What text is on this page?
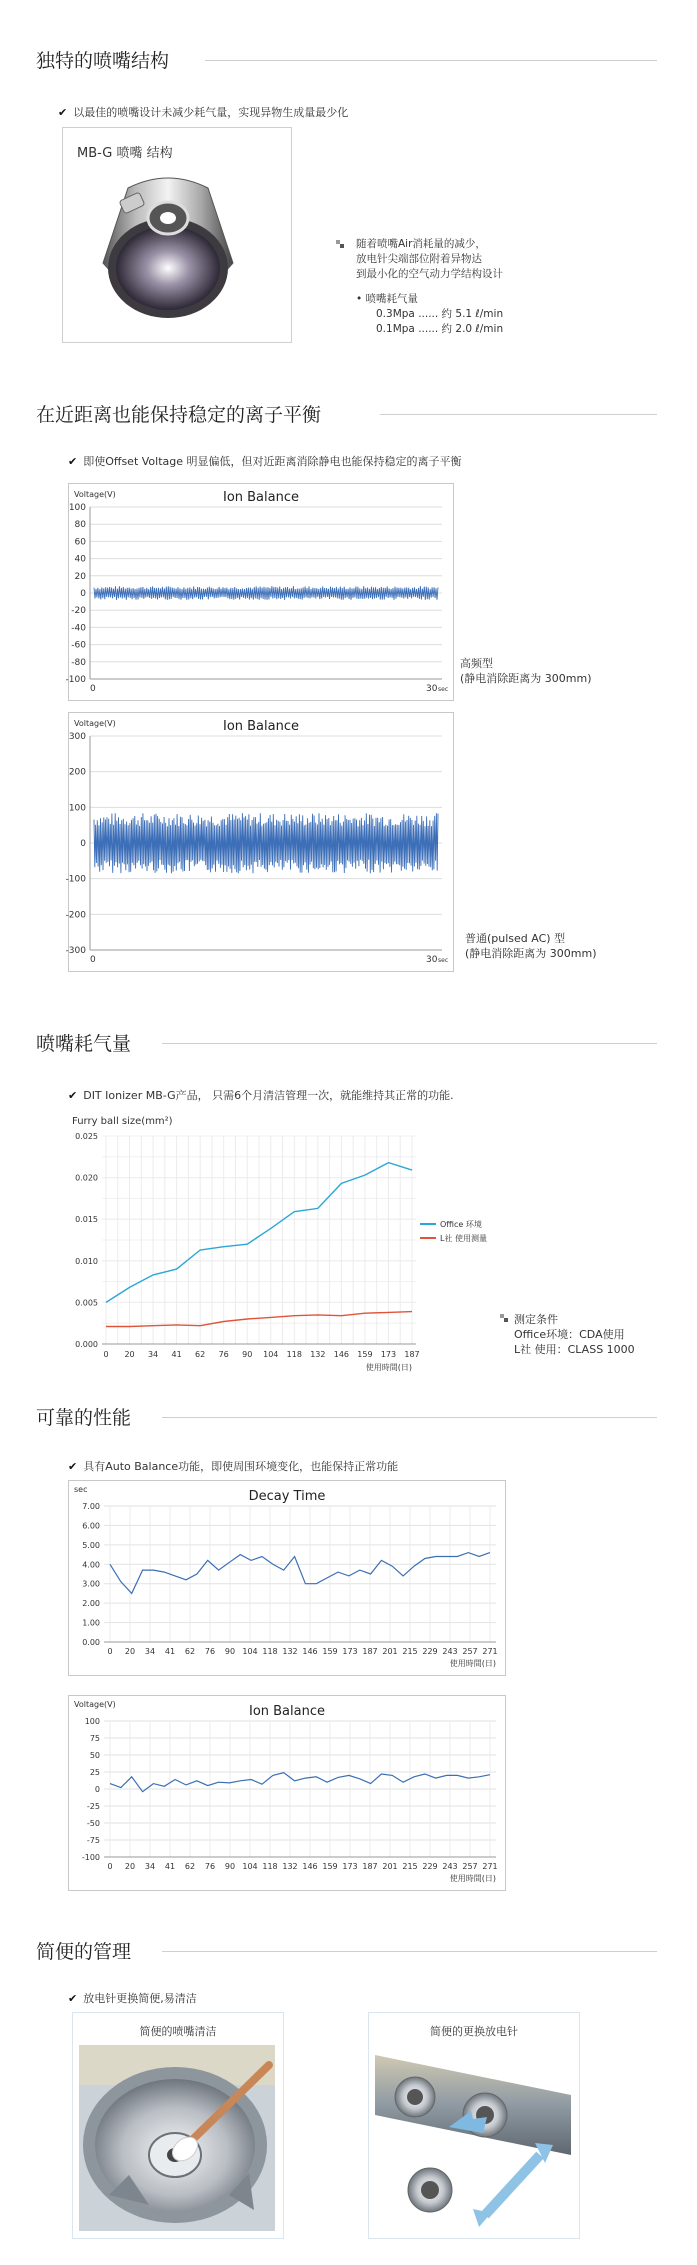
独特的喷嘴结构
✔ 以最佳的喷嘴设计未减少耗气量，实现异物生成量最少化
MB-G 喷嘴 结构
随着喷嘴Air消耗量的减少，
放电针尖端部位附着异物达
到最小化的空气动力学结构设计
• 喷嘴耗气量
0.3Mpa ...... 约 5.1 ℓ/min
0.1Mpa ...... 约 2.0 ℓ/min
在近距离也能保持稳定的离子平衡
✔ 即使Offset Voltage 明显偏低，但对近距离消除静电也能保持稳定的离子平衡
Ion Balance
Voltage(V)
100
80
60
40
20
0
-20
-40
-60
-80
-100
0	30 sec
高频型
(静电消除距离为 300mm)
Ion Balance
Voltage(V)
300
200
100
0
-100
-200
-300
0	30 sec
普通(pulsed AC) 型
(静电消除距离为 300mm)
喷嘴耗气量
✔ DIT Ionizer MB-G产品， 只需6个月清洁管理一次，就能维持其正常的功能.
Furry ball size(mm²)
0.025
0.020
0.015
0.010
0.005
0.000
0 20 34 41 62 76 90 104 118 132 146 159 173 187
使用時間(日)
Office 环境
L社 使用测量
测定条件
Office环境：CDA使用
L社 使用：CLASS 1000
可靠的性能
✔ 具有Auto Balance功能，即使周围环境变化，也能保持正常功能
Decay Time
sec
7.00
6.00
5.00
4.00
3.00
2.00
1.00
0.00
0 20 34 41 62 76 90 104 118 132 146 159 173 187 201 215 229 243 257 271
使用時間(日)
Ion Balance
Voltage(V)
100
75
50
25
0
-25
-50
-75
-100
0 20 34 41 62 76 90 104 118 132 146 159 173 187 201 215 229 243 257 271
使用時間(日)
简便的管理
✔ 放电针更换简便,易清洁
简便的喷嘴清洁	简便的更换放电针
